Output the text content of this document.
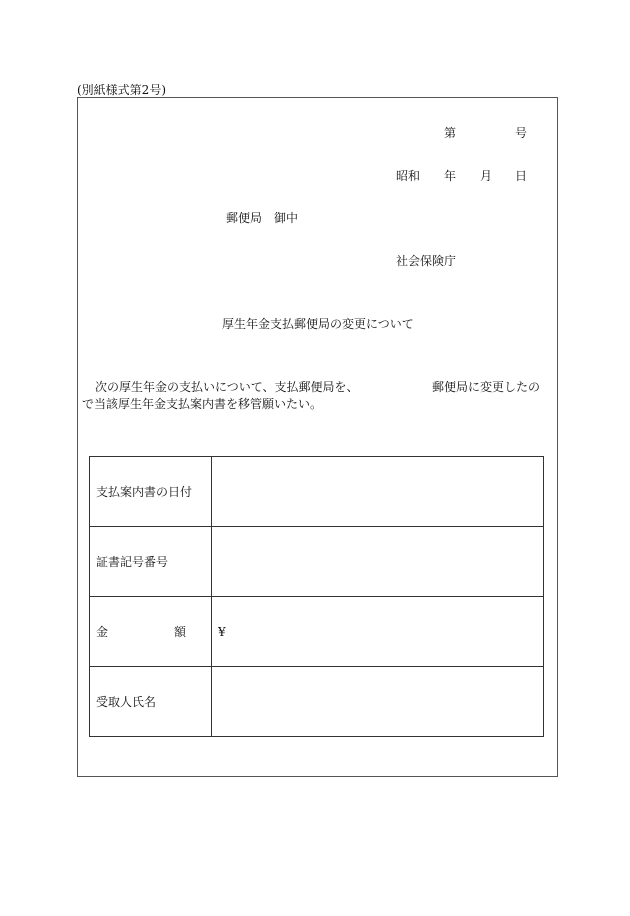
(別紙様式第2号)
第	号
昭和 年 月 日
郵便局　御中
社会保険庁
厚生年金支払郵便局の変更について
次の厚生年金の支払いについて、支払郵便局を、	郵便局に変更したの
で当該厚生年金支払案内書を移管願いたい。
支払案内書の日付	
証書記号番号	

金 額	¥
受取人氏名	
